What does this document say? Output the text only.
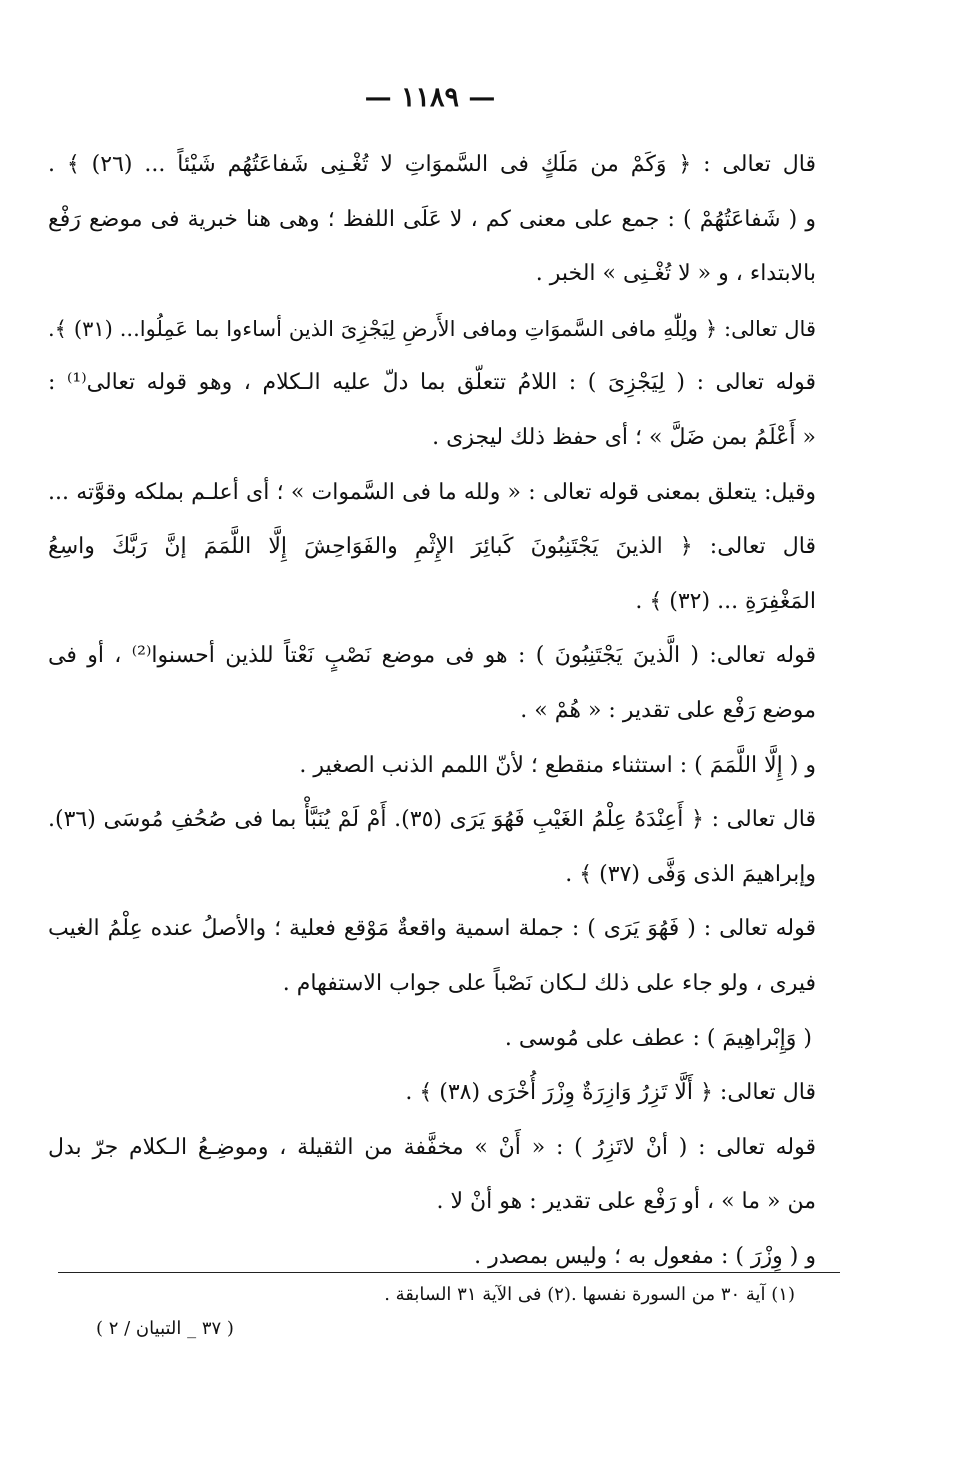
— ١١٨٩ —
قال تعالى : ﴿ وَكَمْ من مَلَكٍ فى السَّموَاتِ لا تُغْـنِى شَفاعَتُهُم شَيْئاً ... (٢٦) ﴾ .
و ( شَفاعَتُهُمْ ) : جمع على معنى كم ، لا عَلَى اللفظ ؛ وهى هنا خبرية فى موضع رَفْع
بالابتداء ، و « لا تُغْـنِى » الخبر .
قال تعالى: ﴿ ولِلّٰهِ مافى السَّموَاتِ ومافى الأَرضِ لِيَجْزِىَ الذين أساءوا بما عَمِلُوا... (٣١) ﴾.
قوله تعالى : ( لِيَجْزِىَ ) : اللامُ تتعلّق بما دلّ عليه الـكلام ، وهو قوله تعالى⁽¹⁾ :
« أَعْلَمُ بمن ضَلَّ » ؛ أى حفظ ذلك ليجزى .
وقيل: يتعلق بمعنى قوله تعالى : « ولله ما فى السَّموات » ؛ أى أعلـم بملكه وقوَّته ...
قال تعالى: ﴿ الذينَ يَجْتَنِبُونَ كَبائِرَ الإِثْمِ والفَوَاحِشَ إِلَّا اللَّمَمَ إنَّ رَبَّكَ واسِعُ
المَغْفِرَةِ ... (٣٢) ﴾ .
قوله تعالى: ( الَّذينَ يَجْتَنِبُونَ ) : هو فى موضع نَصْبٍ نَعْتاً للذين أحسنوا⁽²⁾ ، أو فى
موضع رَفْع على تقدير : « هُمْ » .
و ( إِلَّا اللَّمَمَ ) : استثناء منقطع ؛ لأنّ اللمم الذنب الصغير .
قال تعالى : ﴿ أَعِنْدَهُ عِلْمُ الغَيْبِ فَهُوَ يَرَى (٣٥). أَمْ لَمْ يُنَبَّأْ بما فى صُحُفِ مُوسَى (٣٦).
وإبراهيمَ الذى وَفَّى (٣٧) ﴾ .
قوله تعالى : ( فَهُوَ يَرَى ) : جملة اسمية واقعةٌ مَوْقع فعلية ؛ والأصلُ عنده عِلْمُ الغيب
فيرى ، ولو جاء على ذلك لـكان نَصْباً على جواب الاستفهام .
( وَإِبْراهِيمَ ) : عطف على مُوسى .
قال تعالى: ﴿ أَلَّا تَزِرُ وَازِرَةٌ وِزْرَ أُخْرَى (٣٨) ﴾ .
قوله تعالى : ( أنْ لاتَزِرُ ) : « أَنْ » مخفَّفة من الثقيلة ، وموضِـعُ الـكلام جرّ بدل
من « ما » ، أو رَفْع على تقدير : هو أنْ لا .
و ( وِزْرَ ) : مفعول به ؛ وليس بمصدر .
(١) آية ٣٠ من السورة نفسها .
(٢) فى الآية ٣١ السابقة .
( ٣٧ _ التبيان / ٢ )
